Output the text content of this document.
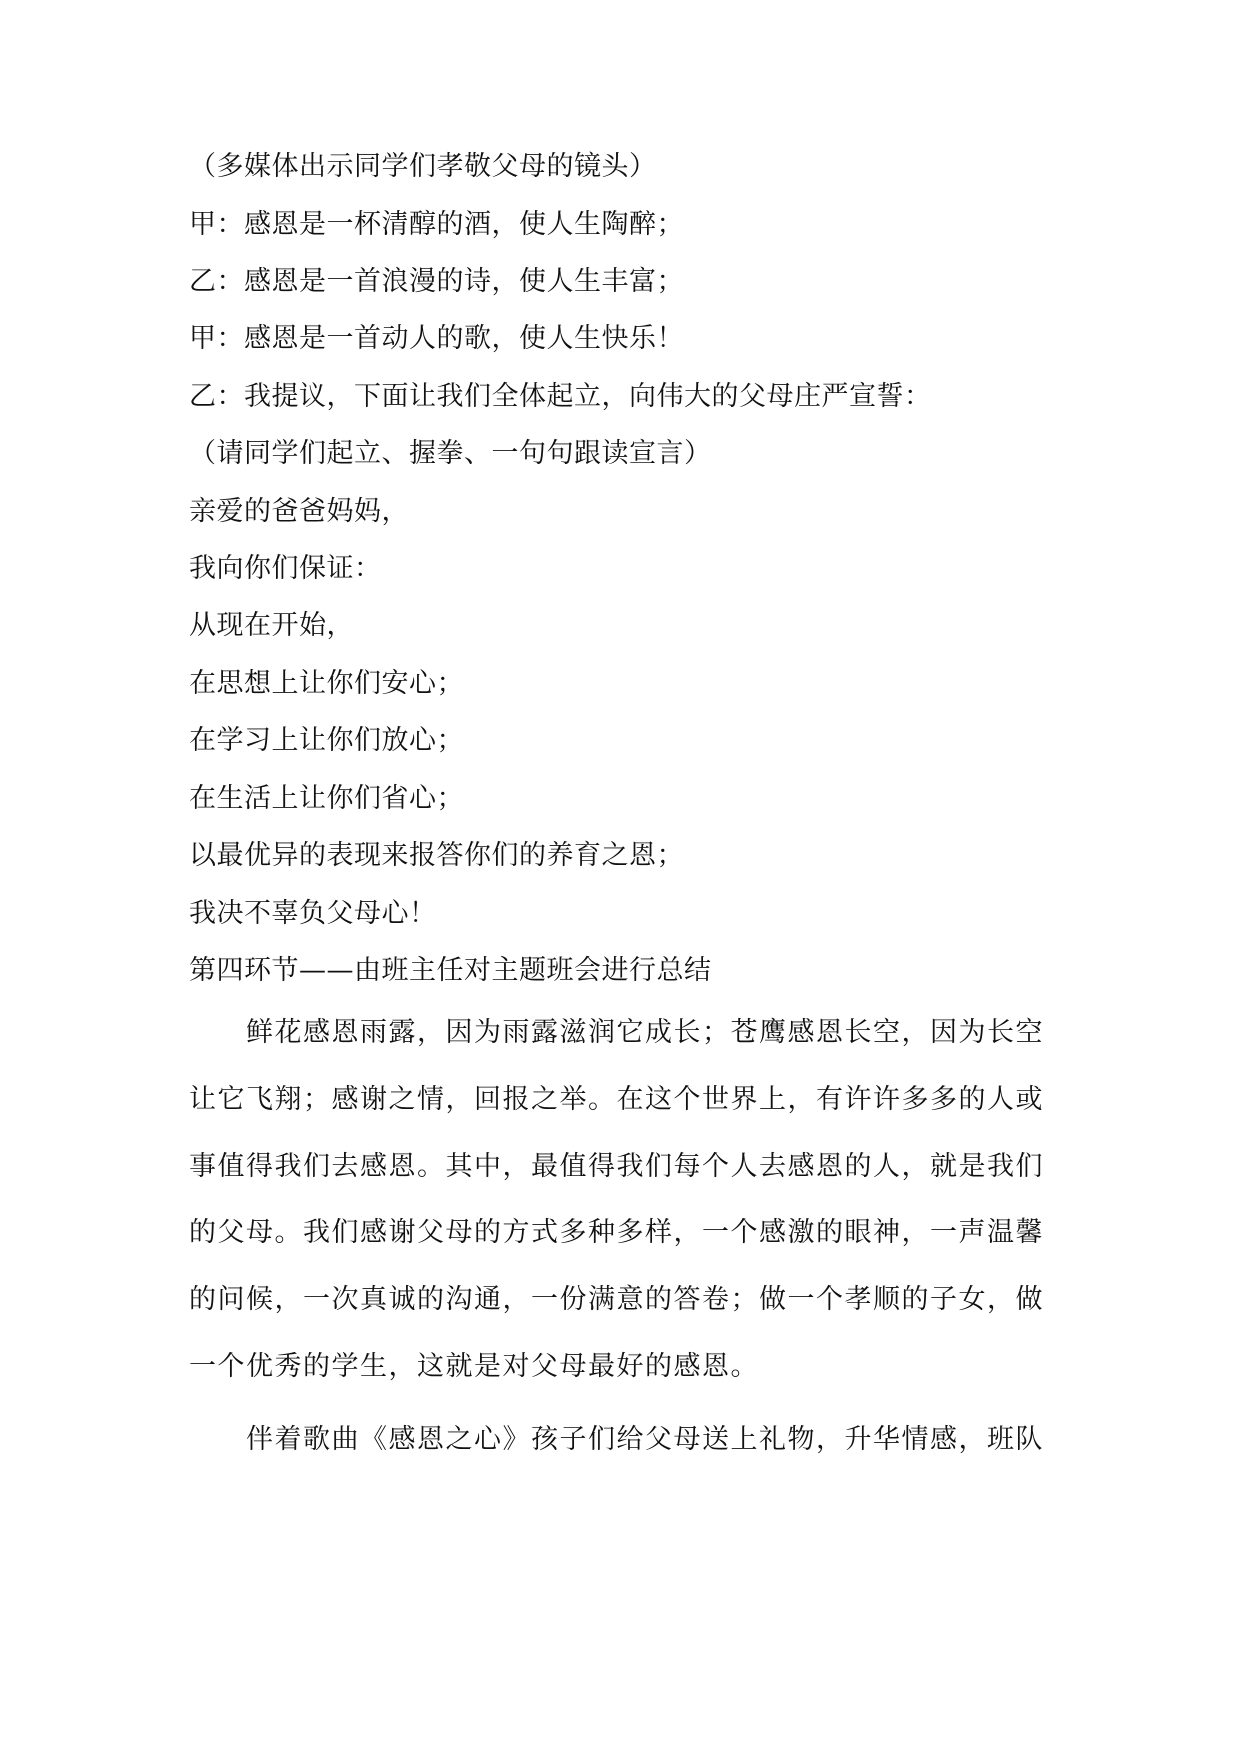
（多媒体出示同学们孝敬父母的镜头）

甲：感恩是一杯清醇的酒，使人生陶醉；

乙：感恩是一首浪漫的诗，使人生丰富；

甲：感恩是一首动人的歌，使人生快乐！

乙：我提议，下面让我们全体起立，向伟大的父母庄严宣誓：

（请同学们起立、握拳、一句句跟读宣言）

亲爱的爸爸妈妈，

我向你们保证：

从现在开始，

在思想上让你们安心；

在学习上让你们放心；

在生活上让你们省心；

以最优异的表现来报答你们的养育之恩；

我决不辜负父母心！

第四环节——由班主任对主题班会进行总结

鲜花感恩雨露，因为雨露滋润它成长；苍鹰感恩长空，因为长空

让它飞翔；感谢之情，回报之举。在这个世界上，有许许多多的人或

事值得我们去感恩。其中，最值得我们每个人去感恩的人，就是我们

的父母。我们感谢父母的方式多种多样，一个感激的眼神，一声温馨

的问候，一次真诚的沟通，一份满意的答卷；做一个孝顺的子女，做

一个优秀的学生，这就是对父母最好的感恩。

伴着歌曲《感恩之心》孩子们给父母送上礼物，升华情感，班队
